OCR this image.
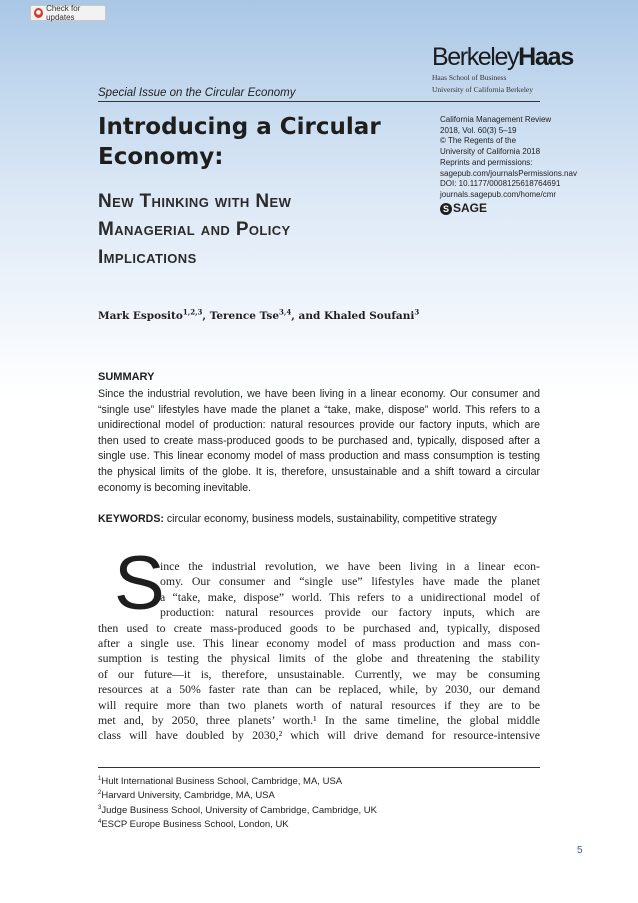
● Check for updates
BerkeleyHaas
Haas School of Business
University of California Berkeley
Special Issue on the Circular Economy
Introducing a Circular
Economy:
New Thinking with New
Managerial and Policy
Implications
California Management Review
2018, Vol. 60(3) 5–19
© The Regents of the
University of California 2018
Reprints and permissions:
sagepub.com/journalsPermissions.nav
DOI: 10.1177/0008125618764691
journals.sagepub.com/home/cmr
S SAGE
Mark Esposito$^{1,2,3}$, Terence Tse$^{3,4}$, and Khaled Soufani$^3$
SUMMARY

Since the industrial revolution, we have been living in a linear economy. Our consumer and “single use” lifestyles have made the planet a “take, make, dispose” world. This refers to a unidirectional model of production: natural resources provide our factory inputs, which are then used to create mass-produced goods to be purchased and, typically, disposed after a single use. This linear economy model of mass production and mass consumption is testing the physical limits of the globe. It is, therefore, unsustainable and a shift toward a circular economy is becoming inevitable.

KEYWORDS: circular economy, business models, sustainability, competitive strategy
S
ince the industrial revolution, we have been living in a linear econ-
omy. Our consumer and “single use” lifestyles have made the planet
a “take, make, dispose” world. This refers to a unidirectional model of
production: natural resources provide our factory inputs, which are
then used to create mass-produced goods to be purchased and, typically, disposed
after a single use. This linear economy model of mass production and mass con-
sumption is testing the physical limits of the globe and threatening the stability
of our future—it is, therefore, unsustainable. Currently, we may be consuming
resources at a 50% faster rate than can be replaced, while, by 2030, our demand
will require more than two planets worth of natural resources if they are to be
met and, by 2050, three planets’ worth.¹ In the same timeline, the global middle
class will have doubled by 2030,² which will drive demand for resource-intensive
$^1$Hult International Business School, Cambridge, MA, USA
$^2$Harvard University, Cambridge, MA, USA
$^3$Judge Business School, University of Cambridge, Cambridge, UK
$^4$ESCP Europe Business School, London, UK
5
